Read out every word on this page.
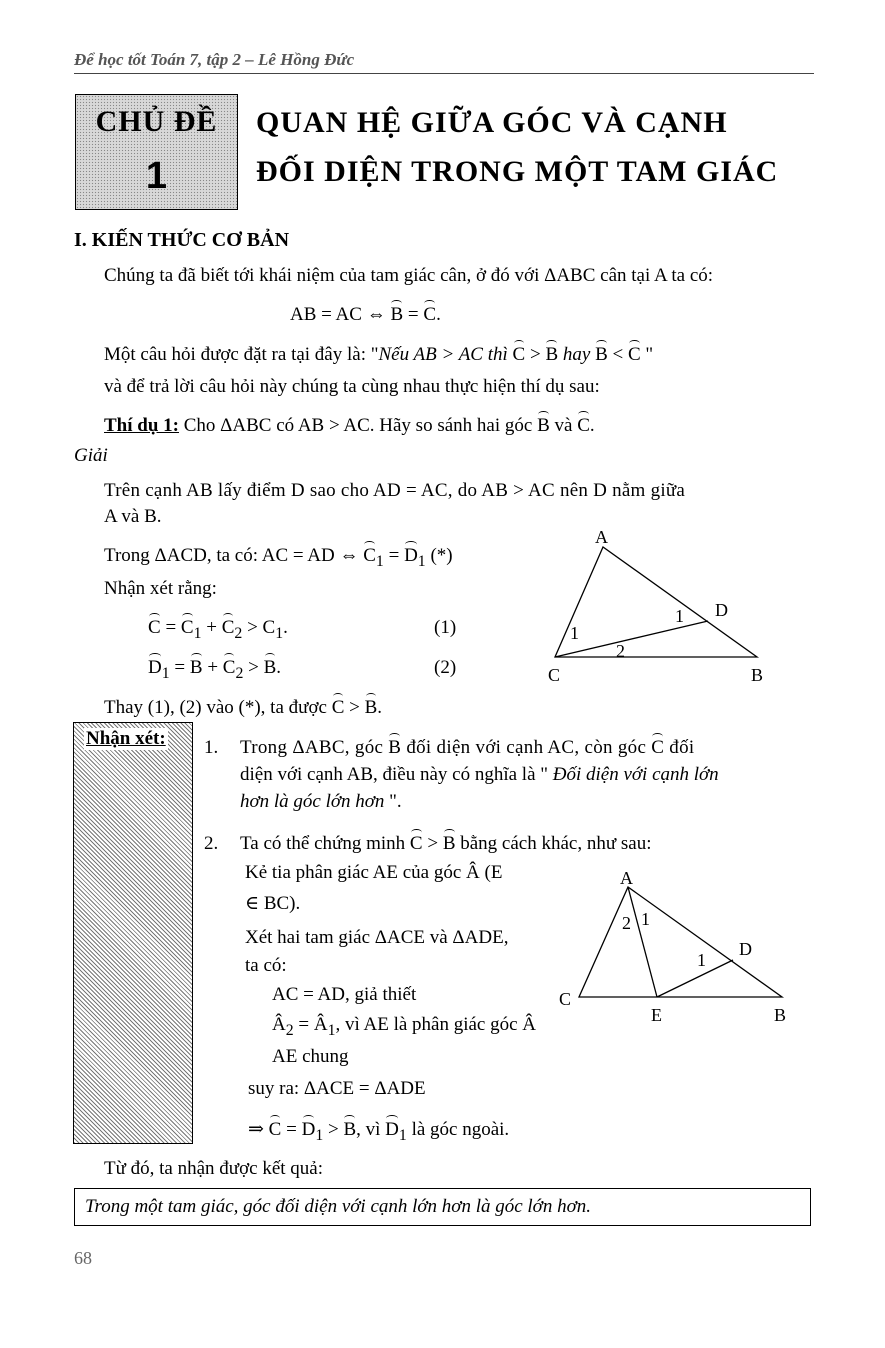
Để học tốt Toán 7, tập 2 – Lê Hồng Đức
CHỦ ĐỀ
1
QUAN HỆ GIỮA GÓC VÀ CẠNH
ĐỐI DIỆN TRONG MỘT TAM GIÁC
I. KIẾN THỨC CƠ BẢN
Chúng ta đã biết tới khái niệm của tam giác cân, ở đó với ΔABC cân tại A ta có:
AB = AC ⇔ B = C.
Một câu hỏi được đặt ra tại đây là: "Nếu AB > AC thì C > B hay B < C "
và để trả lời câu hỏi này chúng ta cùng nhau thực hiện thí dụ sau:
Thí dụ 1: Cho ΔABC có AB > AC. Hãy so sánh hai góc B và C.
Giải
Trên cạnh AB lấy điểm D sao cho AD = AC, do AB > AC nên D nằm giữa
A và B.
Trong ΔACD, ta có: AC = AD ⇔ $C_1 = D_1$ (*)
Nhận xét rằng:
$C = C_1 + C_2 > C_1$.	(1)
$D_1 = B + C_2 > B$.	(2)
Thay (1), (2) vào (*), ta được C > B.
A
C	B
D
1
1
2
Nhận xét: 1. Trong ΔABC, góc B đối diện với cạnh AC, còn góc C đối
diện với cạnh AB, điều này có nghĩa là " Đối diện với cạnh lớn
hơn là góc lớn hơn ".
2. Ta có thể chứng minh C > B bằng cách khác, như sau:
Kẻ tia phân giác AE của góc Â (E
∈ BC).
Xét hai tam giác ΔACE và ΔADE,
ta có:
AC = AD, giả thiết
$Â_2$ = $Â_1$, vì AE là phân giác góc Â
AE chung
suy ra: ΔACE = ΔADE
⇒ $C = D_1 > B$, vì $D_1$ là góc ngoài.
A
C
E	B
D
2 1
1
Từ đó, ta nhận được kết quả:
Trong một tam giác, góc đối diện với cạnh lớn hơn là góc lớn hơn.
68
